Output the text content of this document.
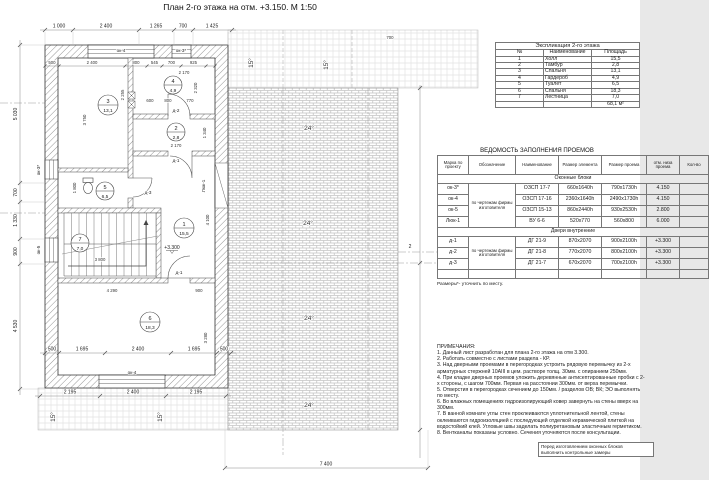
План 2-го этажа на отм. +3.150. М 1:50
24°
24°
24°
24°
15°	15°
15°	15°
+3.300
1
15,5
2
2,8
3
13,1
4
4,9
5
6,5
6
18,3
7
7,0
ок-4	ок-3*
ок-3*
ок-5
ок-4
Люк-1
д-2
д-1
д-1
д-3
1 000	2 400	1 265	700	1 425
500	2 400	800	545 700	925
5 030
700
1 330
900
4 530
500	1 695	2 400	1 695	500
2 195	2 400	2 195
7 400
3 750
2 255
2 320
2 170
600	800	770
2 170
1 340
4 100
3 800
4 290	900
3 280
1 800
700
2
Экспликация 2-го этажа		
№	Наименование	Площадь
1	Холл	15,5
2	Тамбур	2,8
3	Спальня	13,1
4	Гардероб	4,9
5	Туалет	6,5
6	Спальня	18,3
7	Лестница	7,0
		68,1 м²
ВЕДОМОСТЬ ЗАПОЛНЕНИЯ ПРОЕМОВ
Марка по проекту	Обозначение	Наименование	Размер элемента	Размер проема	отм. низа проема	Кол-во
Оконные блоки						
ок-3*	по чертежам фирмы изготовителя	ОЗСП 17-7	660х1640h	790х1730h	4.150	
ок-4		ОЗСП 17-16	2360х1640h	2490х1730h	4.150	
ок-5		ОЗСП 15-13	860х2440h	930х2530h	2.800	
Люк-1		ВУ 6-6	520х770	560х800	6.000	
Двери внутренние						
д-1	по чертежам фирмы изготовителя	ДГ 21-9	870х2070	900х2100h	+3.300	
д-2		ДГ 21-8	770х2070	800х2100h	+3.300	
д-3		ДГ 21-7	670х2070	700х2100h	+3.300	

Размеры*- уточнить по месту.
ПРИМЕЧАНИЯ:
1. Данный лист разработан для плана 2-го этажа на отм 3.300.
2. Работать совместно с листами раздела - КР.
3. Над дверными проемами в перегородках устроить рядовую перемычку из 2-х арматурных стержней 10АIII в цем. растворе толщ. 30мм. с опиранием 250мм.
4. При кладке дверных проемов уложить деревянные антисептированные пробки с 2-х стороны, с шагом 700мм. Первая на расстоянии 300мм. от верха перемычки.
5. Отверстия в перегородках сечением до 150мм. / разделов ОВ; ВК; ЭО выполнять по месту.
6. Во влажных помещениях гидроизолирующий ковер завернуть на стены вверх на 300мм.
7. В ванной комнате углы стен проклеиваются уплотнительной лентой, стены оклеиваются гидроизоляцией с последующей отделкой керамической плиткой на водостойкий клей. Угловые швы заделать полиуретановым эластичным герметиком.
8. Вентканалы показаны условно. Сечения уточняются после консультации.
Перед изготовлением оконных блоков
выполнить контрольные замеры
